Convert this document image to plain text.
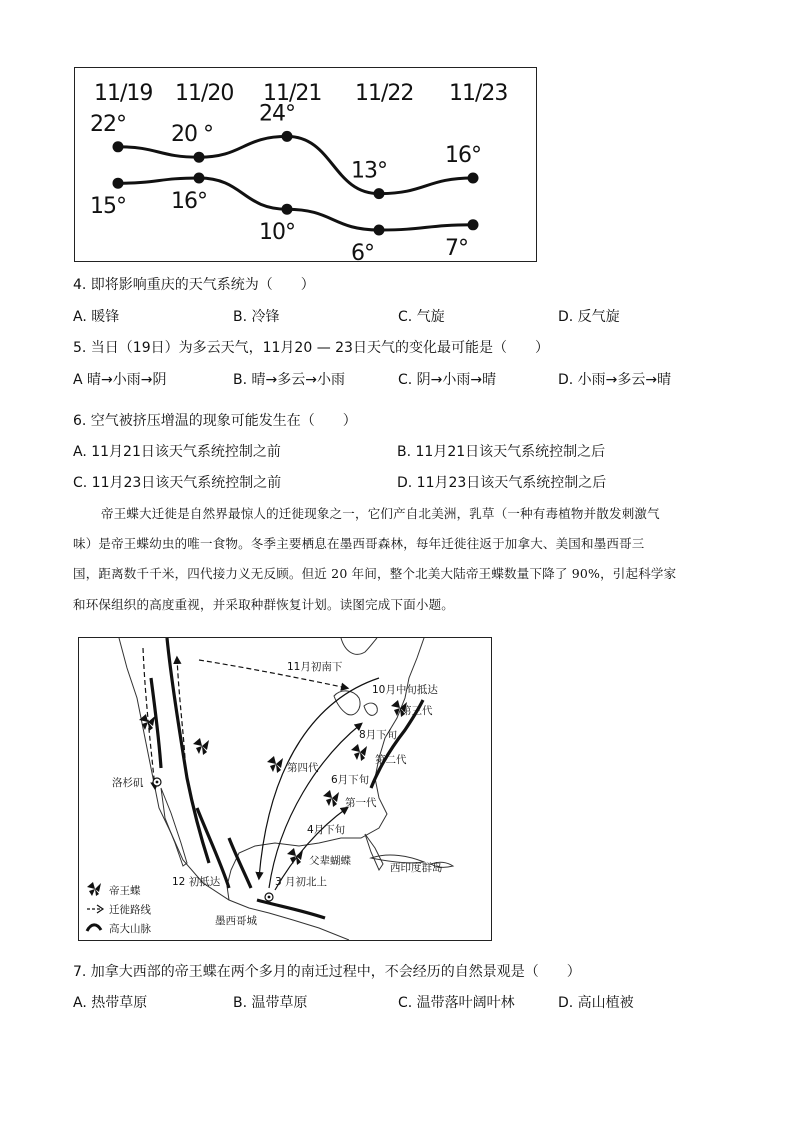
11/19 11/20 11/21 11/22 11/23
22° 20 °
24°
13°
16°
15° 16°
10°
6°	7°
4. 即将影响重庆的天气系统为（　　）
A. 暖锋	B. 冷锋	C. 气旋	D. 反气旋
5. 当日（19日）为多云天气，11月20 — 23日天气的变化最可能是（　　）
A 晴→小雨→阴	B. 晴→多云→小雨	C. 阴→小雨→晴	D. 小雨→多云→晴
6. 空气被挤压增温的现象可能发生在（　　）
A. 11月21日该天气系统控制之前	B. 11月21日该天气系统控制之后
C. 11月23日该天气系统控制之前	D. 11月23日该天气系统控制之后
帝王蝶大迁徙是自然界最惊人的迁徙现象之一，它们产自北美洲，乳草（一种有毒植物并散发刺激气
味）是帝王蝶幼虫的唯一食物。冬季主要栖息在墨西哥森林，每年迁徙往返于加拿大、美国和墨西哥三
国，距离数千千米，四代接力义无反顾。但近 20 年间，整个北美大陆帝王蝶数量下降了 90%，引起科学家
和环保组织的高度重视，并采取种群恢复计划。读图完成下面小题。
11月初南下
10月中旬抵达
第三代
8月下旬
第二代
第四代
6月下旬
第一代
4月下旬
洛杉矶
父辈蝴蝶
西印度群岛
12 初抵达	3 月初北上
墨西哥城
帝王蝶
迁徙路线
高大山脉
7. 加拿大西部的帝王蝶在两个多月的南迁过程中，不会经历的自然景观是（　　）
A. 热带草原	B. 温带草原	C. 温带落叶阔叶林	D. 高山植被
